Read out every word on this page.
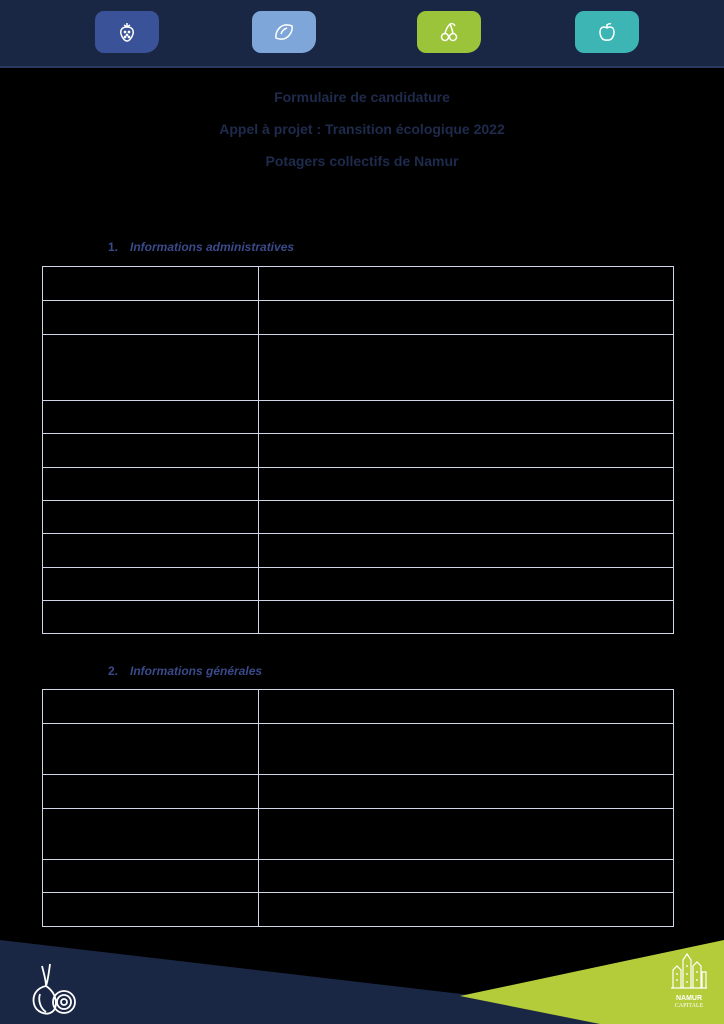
Formulaire de candidature
Appel à projet : Transition écologique 2022
Potagers collectifs de Namur
1. Informations administratives

2. Informations générales

NAMUR
CAPITALE
